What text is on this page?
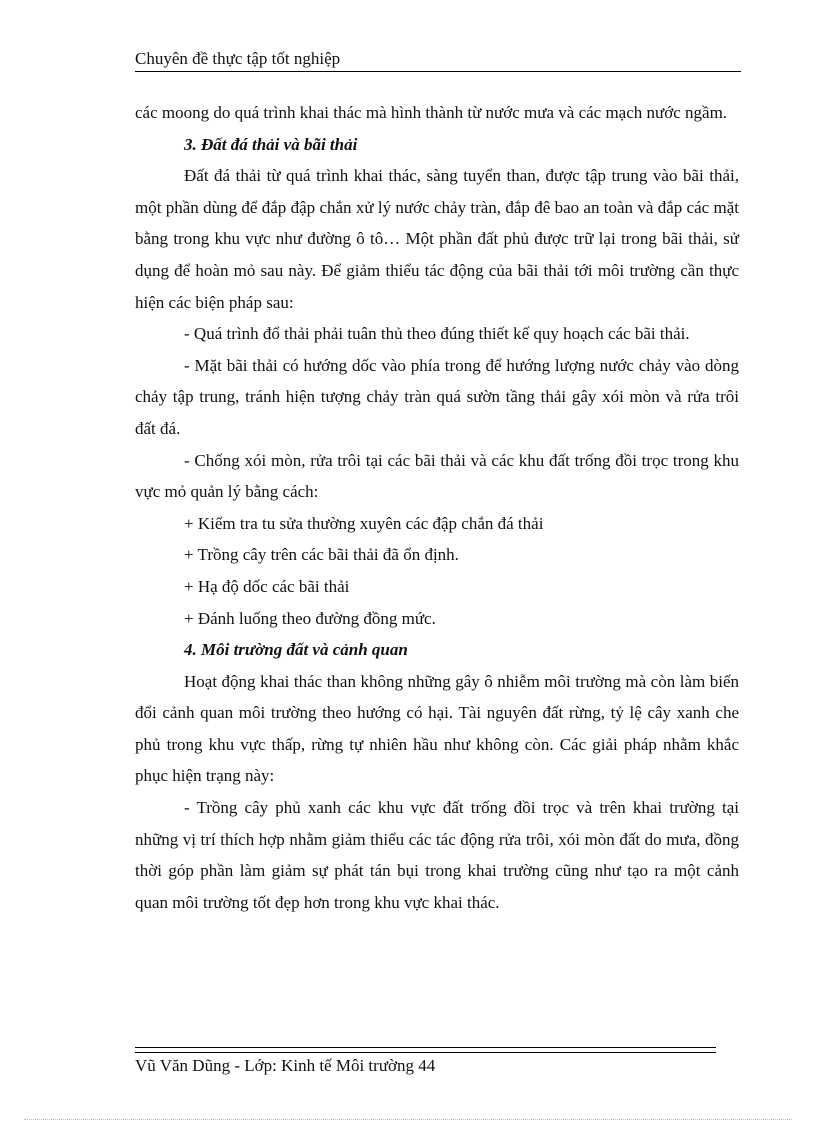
Chuyên đề thực tập tốt nghiệp

các moong do quá trình khai thác mà hình thành từ nước mưa và các mạch nước ngầm.

3. Đất đá thải và bãi thải

Đất đá thải từ quá trình khai thác, sàng tuyển than, được tập trung vào bãi thải, một phần dùng để đắp đập chắn xử lý nước chảy tràn, đắp đê bao an toàn và đắp các mặt bằng trong khu vực như đường ô tô… Một phần đất phủ được trữ lại trong bãi thải, sử dụng để hoàn mỏ sau này. Để giảm thiểu tác động của bãi thải tới môi trường cần thực hiện các biện pháp sau:

- Quá trình đổ thải phải tuân thủ theo đúng thiết kế quy hoạch các bãi thải.

- Mặt bãi thải có hướng dốc vào phía trong để hướng lượng nước chảy vào dòng chảy tập trung, tránh hiện tượng chảy tràn quá sườn tầng thải gây xói mòn và rửa trôi đất đá.

- Chống xói mòn, rửa trôi tại các bãi thải và các khu đất trống đồi trọc trong khu vực mỏ quản lý bằng cách:

+ Kiểm tra tu sửa thường xuyên các đập chắn đá thải

+ Trồng cây trên các bãi thải đã ổn định.

+ Hạ độ dốc các bãi thải

+ Đánh luống theo đường đồng mức.

4. Môi trường đất và cảnh quan

Hoạt động khai thác than không những gây ô nhiễm môi trường mà còn làm biến đổi cảnh quan môi trường theo hướng có hại. Tài nguyên đất rừng, tỷ lệ cây xanh che phủ trong khu vực thấp, rừng tự nhiên hầu như không còn. Các giải pháp nhằm khắc phục hiện trạng này:

- Trồng cây phủ xanh các khu vực đất trống đồi trọc và trên khai trường tại những vị trí thích hợp nhằm giảm thiểu các tác động rửa trôi, xói mòn đất do mưa, đồng thời góp phần làm giảm sự phát tán bụi trong khai trường cũng như tạo ra một cảnh quan môi trường tốt đẹp hơn trong khu vực khai thác.

Vũ Văn Dũng - Lớp: Kinh tế Môi trường 44
